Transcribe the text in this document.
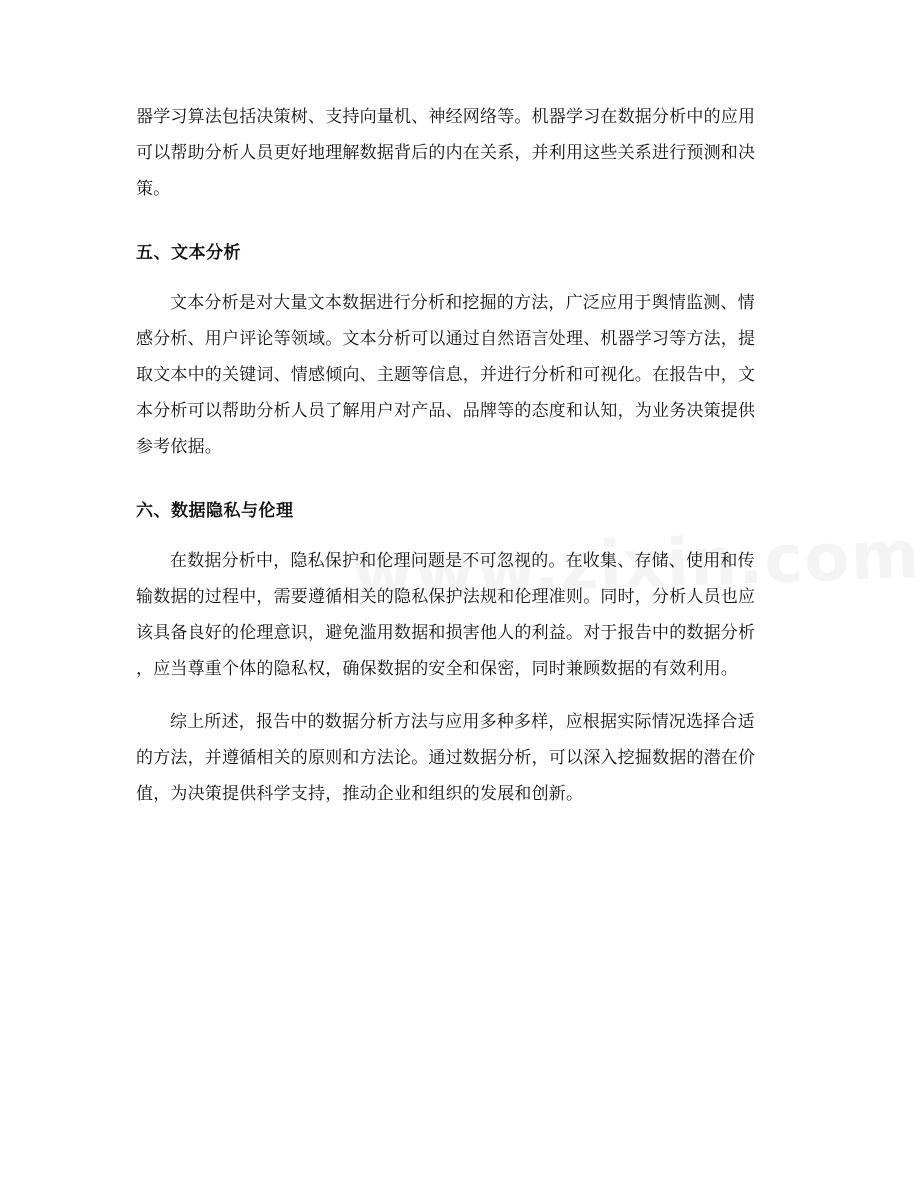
器学习算法包括决策树、支持向量机、神经网络等。机器学习在数据分析中的应用
可以帮助分析人员更好地理解数据背后的内在关系，并利用这些关系进行预测和决
策。

五、文本分析

文本分析是对大量文本数据进行分析和挖掘的方法，广泛应用于舆情监测、情
感分析、用户评论等领域。文本分析可以通过自然语言处理、机器学习等方法，提
取文本中的关键词、情感倾向、主题等信息，并进行分析和可视化。在报告中，文
本分析可以帮助分析人员了解用户对产品、品牌等的态度和认知，为业务决策提供
参考依据。

六、数据隐私与伦理

在数据分析中，隐私保护和伦理问题是不可忽视的。在收集、存储、使用和传
输数据的过程中，需要遵循相关的隐私保护法规和伦理准则。同时，分析人员也应
该具备良好的伦理意识，避免滥用数据和损害他人的利益。对于报告中的数据分析
，应当尊重个体的隐私权，确保数据的安全和保密，同时兼顾数据的有效利用。

综上所述，报告中的数据分析方法与应用多种多样，应根据实际情况选择合适
的方法，并遵循相关的原则和方法论。通过数据分析，可以深入挖掘数据的潜在价
值，为决策提供科学支持，推动企业和组织的发展和创新。
